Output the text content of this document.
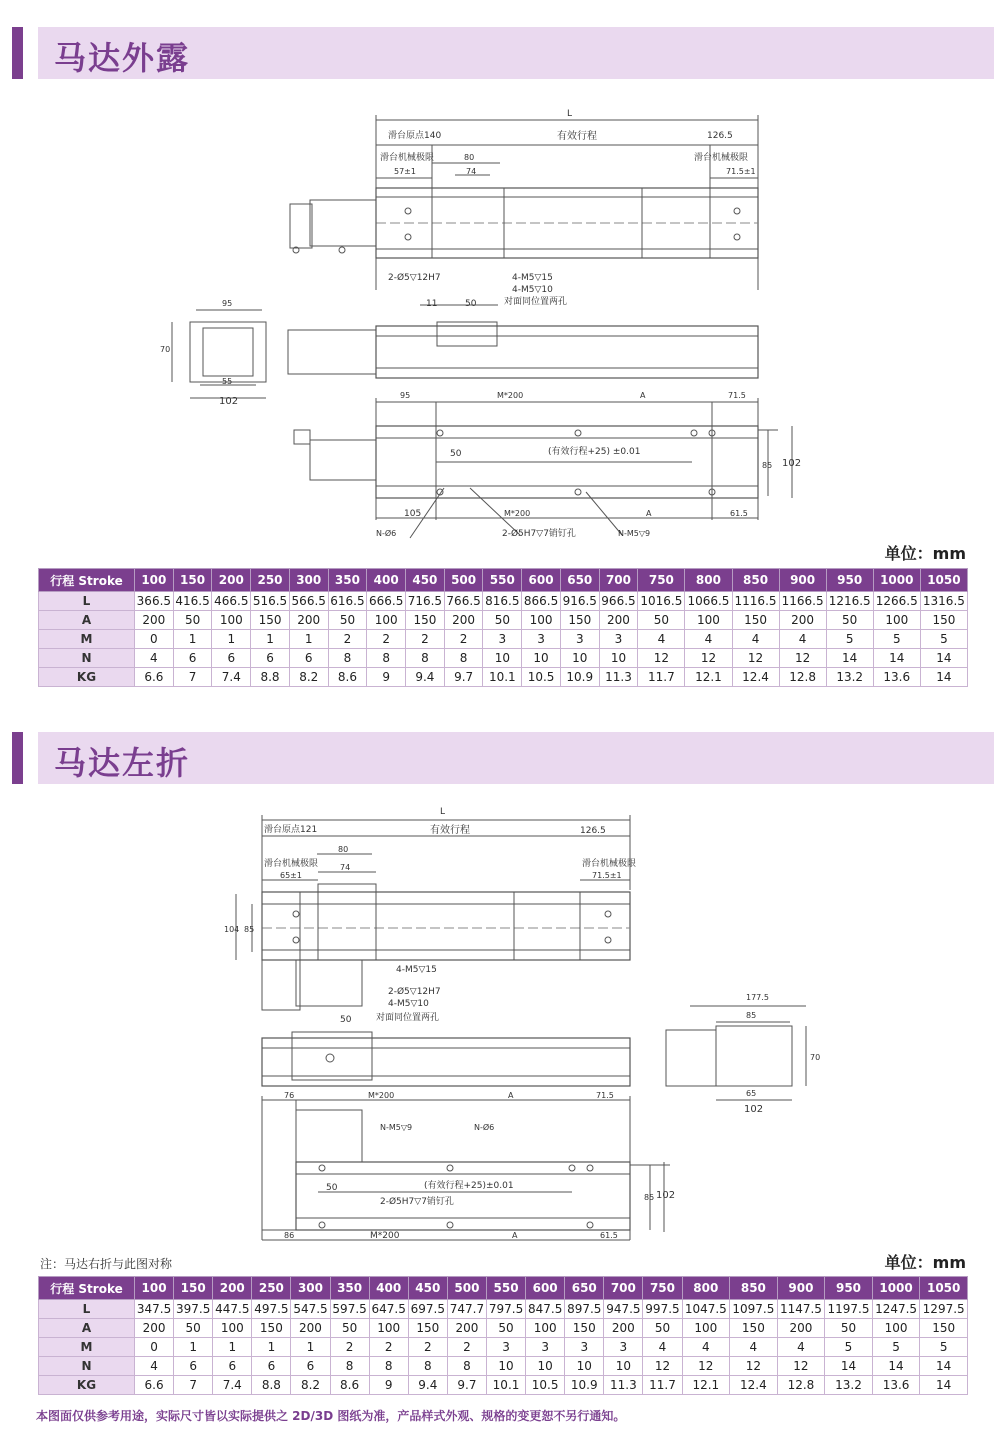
马达外露
L
滑台原点140	有效行程	126.5
滑台机械极限	滑台机械极限
57±1
80
74	71.5±1
2-Ø5▽12H7	4-M5▽15
4-M5▽10
对面同位置两孔
11	50
95
70
55
102
95	M*200	A	71.5
(有效行程+25) ±0.01
50
85 102
105	M*200	A	61.5
N-Ø6	2-Ø5H7▽7销钉孔	N-M5▽9
单位：mm
行程 Stroke	100	150	200	250	300	350	400	450	500	550	600	650	700	750	800	850	900	950	1000	1050
L	366.5	416.5	466.5	516.5	566.5	616.5	666.5	716.5	766.5	816.5	866.5	916.5	966.5	1016.5	1066.5	1116.5	1166.5	1216.5	1266.5	1316.5
A	200	50	100	150	200	50	100	150	200	50	100	150	200	50	100	150	200	50	100	150
M	0	1	1	1	1	2	2	2	2	3	3	3	3	4	4	4	4	5	5	5
N	4	6	6	6	6	8	8	8	8	10	10	10	10	12	12	12	12	14	14	14
KG	6.6	7	7.4	8.8	8.2	8.6	9	9.4	9.7	10.1	10.5	10.9	11.3	11.7	12.1	12.4	12.8	13.2	13.6	14
马达左折
L
滑台原点121	有效行程	126.5
80
滑台机械极限	滑台机械极限
65±1
74
71.5±1
104 85
4-M5▽15
2-Ø5▽12H7
4-M5▽10
50	对面同位置两孔
177.5
85
70
65
102
76	M*200	A	71.5
N-M5▽9	N-Ø6
(有效行程+25)±0.01
50
2-Ø5H7▽7销钉孔	85 102
86	M*200	A	61.5
注：马达右折与此图对称	单位：mm
行程 Stroke	100	150	200	250	300	350	400	450	500	550	600	650	700	750	800	850	900	950	1000	1050
L	347.5	397.5	447.5	497.5	547.5	597.5	647.5	697.5	747.7	797.5	847.5	897.5	947.5	997.5	1047.5	1097.5	1147.5	1197.5	1247.5	1297.5
A	200	50	100	150	200	50	100	150	200	50	100	150	200	50	100	150	200	50	100	150
M	0	1	1	1	1	2	2	2	2	3	3	3	3	4	4	4	4	5	5	5
N	4	6	6	6	6	8	8	8	8	10	10	10	10	12	12	12	12	14	14	14
KG	6.6	7	7.4	8.8	8.2	8.6	9	9.4	9.7	10.1	10.5	10.9	11.3	11.7	12.1	12.4	12.8	13.2	13.6	14
本图面仅供参考用途，实际尺寸皆以实际提供之 2D/3D 图纸为准，产品样式外观、规格的变更恕不另行通知。
